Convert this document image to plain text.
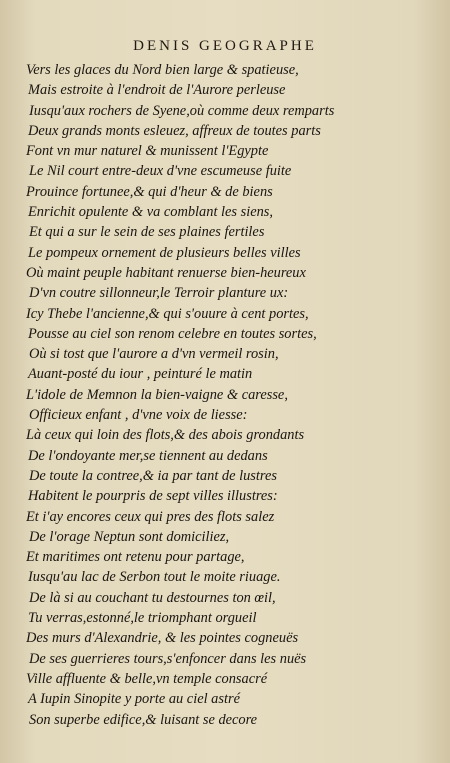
DENIS GEOGRAPHE
Vers les glaces du Nord bien large & spatieuse,
Mais estroite à l'endroit de l'Aurore perleuse
Iusqu'aux rochers de Syene,où comme deux remparts
Deux grands monts esleuez, affreux de toutes parts
Font vn mur naturel & munissent l'Egypte
Le Nil court entre-deux d'vne escumeuse fuite
Prouince fortunee,& qui d'heur & de biens
Enrichit opulente & va comblant les siens,
Et qui a sur le sein de ses plaines fertiles
Le pompeux ornement de plusieurs belles villes
Où maint peuple habitant renuerse bien-heureux
D'vn coutre sillonneur,le Terroir planture ux:
Icy Thebe l'ancienne,& qui s'ouure à cent portes,
Pousse au ciel son renom celebre en toutes sortes,
Où si tost que l'aurore a d'vn vermeil rosin,
Auant-posté du iour , peinturé le matin
L'idole de Memnon la bien-vaigne & caresse,
Officieux enfant , d'vne voix de liesse:
Là ceux qui loin des flots,& des abois grondants
De l'ondoyante mer,se tiennent au dedans
De toute la contree,& ia par tant de lustres
Habitent le pourpris de sept villes illustres:
Et i'ay encores ceux qui pres des flots salez
De l'orage Neptun sont domiciliez,
Et maritimes ont retenu pour partage,
Iusqu'au lac de Serbon tout le moite riuage.
De là si au couchant tu destournes ton œil,
Tu verras,estonné,le triomphant orgueil
Des murs d'Alexandrie, & les pointes cogneuës
De ses guerrieres tours,s'enfoncer dans les nuës
Ville affluente & belle,vn temple consacré
A Iupin Sinopite y porte au ciel astré
Son superbe edifice,& luisant se decore
